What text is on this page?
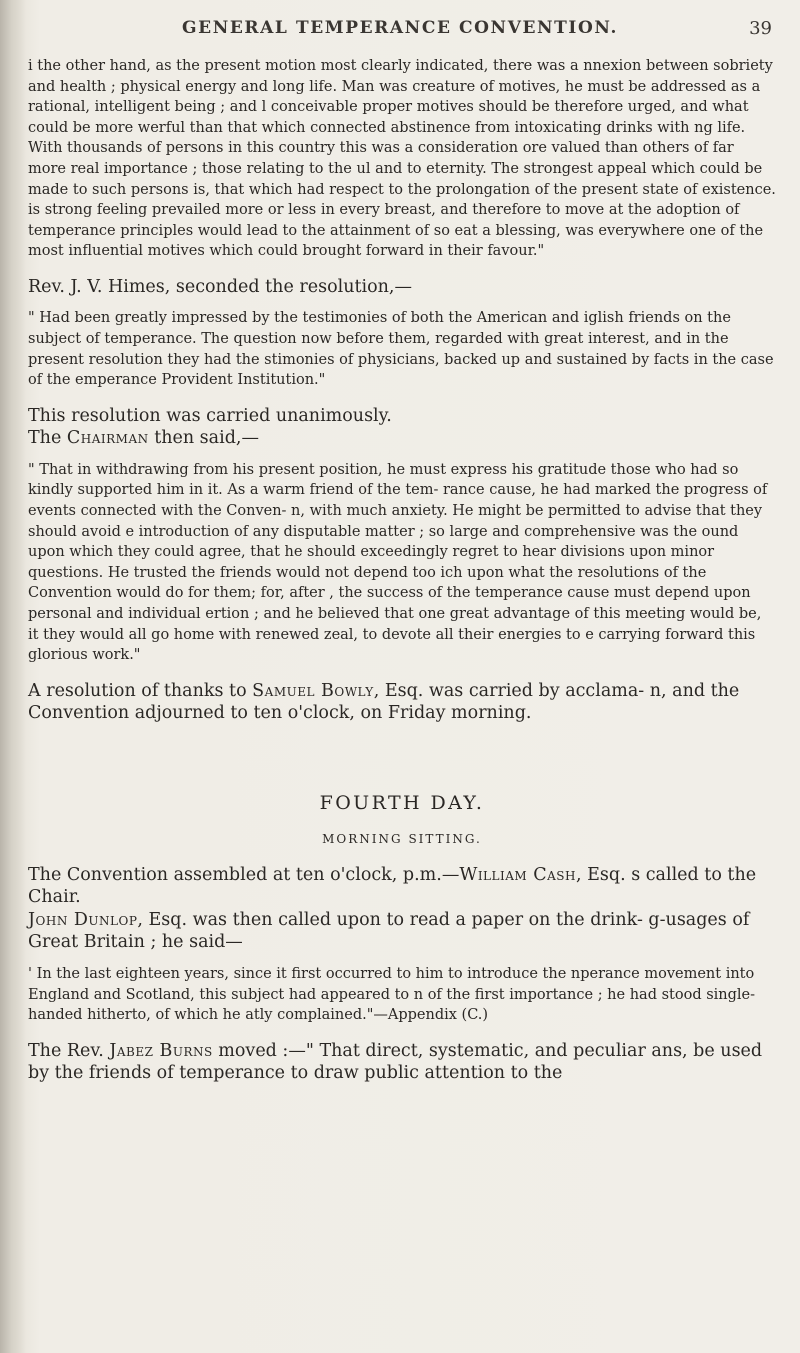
GENERAL TEMPERANCE CONVENTION.	39

i the other hand, as the present motion most clearly indicated, there was a nnexion between sobriety and health ; physical energy and long life. Man was creature of motives, he must be addressed as a rational, intelligent being ; and l conceivable proper motives should be therefore urged, and what could be more werful than that which connected abstinence from intoxicating drinks with ng life. With thousands of persons in this country this was a consideration ore valued than others of far more real importance ; those relating to the ul and to eternity. The strongest appeal which could be made to such persons is, that which had respect to the prolongation of the present state of existence. is strong feeling prevailed more or less in every breast, and therefore to move at the adoption of temperance principles would lead to the attainment of so eat a blessing, was everywhere one of the most influential motives which could brought forward in their favour."

Rev. J. V. Himes, seconded the resolution,—

" Had been greatly impressed by the testimonies of both the American and iglish friends on the subject of temperance. The question now before them, regarded with great interest, and in the present resolution they had the stimonies of physicians, backed up and sustained by facts in the case of the emperance Provident Institution."

This resolution was carried unanimously.

The Chairman then said,—

" That in withdrawing from his present position, he must express his gratitude those who had so kindly supported him in it. As a warm friend of the tem- rance cause, he had marked the progress of events connected with the Conven- n, with much anxiety. He might be permitted to advise that they should avoid e introduction of any disputable matter ; so large and comprehensive was the ound upon which they could agree, that he should exceedingly regret to hear divisions upon minor questions. He trusted the friends would not depend too ich upon what the resolutions of the Convention would do for them; for, after , the success of the temperance cause must depend upon personal and individual ertion ; and he believed that one great advantage of this meeting would be, it they would all go home with renewed zeal, to devote all their energies to e carrying forward this glorious work."

A resolution of thanks to Samuel Bowly, Esq. was carried by acclama- n, and the Convention adjourned to ten o'clock, on Friday morning.

FOURTH DAY.
MORNING SITTING.

The Convention assembled at ten o'clock, p.m.—William Cash, Esq. s called to the Chair.

John Dunlop, Esq. was then called upon to read a paper on the drink- g-usages of Great Britain ; he said—

' In the last eighteen years, since it first occurred to him to introduce the nperance movement into England and Scotland, this subject had appeared to n of the first importance ; he had stood single-handed hitherto, of which he atly complained."—Appendix (C.)

The Rev. Jabez Burns moved :—" That direct, systematic, and peculiar ans, be used by the friends of temperance to draw public attention to the
